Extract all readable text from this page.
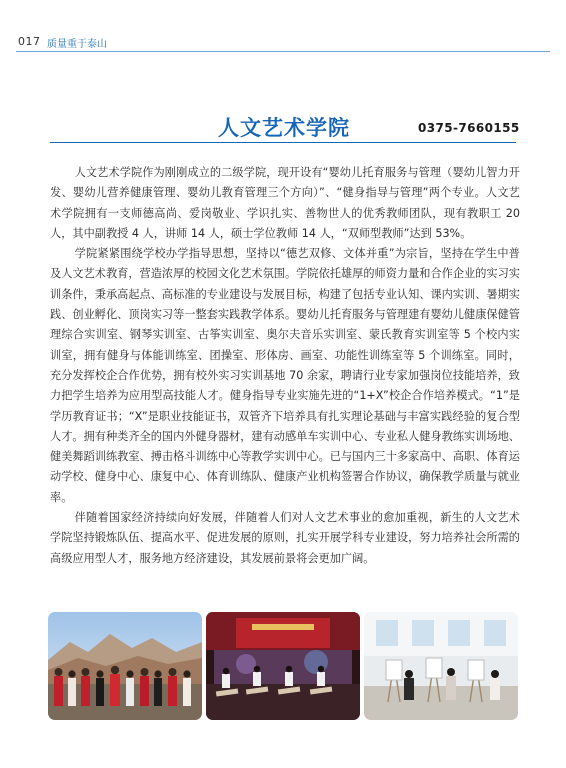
017 质量重于泰山
人文艺术学院	0375-7660155

人文艺术学院作为刚刚成立的二级学院，现开设有“婴幼儿托育服务与管理（婴幼儿智力开发、婴幼儿营养健康管理、婴幼儿教育管理三个方向）”、“健身指导与管理”两个专业。人文艺术学院拥有一支师德高尚、爱岗敬业、学识扎实、善物世人的优秀教师团队，现有教职工 20 人，其中副教授 4 人，讲师 14 人，硕士学位教师 14 人，“双师型教师”达到 53%。

学院紧紧围绕学校办学指导思想，坚持以“德艺双修、文体并重”为宗旨，坚持在学生中普及人文艺术教育，营造浓厚的校园文化艺术氛围。学院依托雄厚的师资力量和合作企业的实习实训条件，秉承高起点、高标准的专业建设与发展目标，构建了包括专业认知、课内实训、暑期实践、创业孵化、顶岗实习等一整套实践教学体系。婴幼儿托育服务与管理建有婴幼儿健康保健管理综合实训室、钢琴实训室、古筝实训室、奥尔夫音乐实训室、蒙氏教育实训室等 5 个校内实训室，拥有健身与体能训练室、团操室、形体房、画室、功能性训练室等 5 个训练室。同时，充分发挥校企合作优势，拥有校外实习实训基地 70 余家，聘请行业专家加强岗位技能培养，致力把学生培养为应用型高技能人才。健身指导专业实施先进的“1+X”校企合作培养模式。“1”是学历教育证书；“X”是职业技能证书，双管齐下培养具有扎实理论基础与丰富实践经验的复合型人才。拥有种类齐全的国内外健身器材，建有动感单车实训中心、专业私人健身教练实训场地、健美舞蹈训练教室、搏击格斗训练中心等教学实训中心。已与国内三十多家高中、高职、体育运动学校、健身中心、康复中心、体育训练队、健康产业机构签署合作协议，确保教学质量与就业率。

伴随着国家经济持续向好发展，伴随着人们对人文艺术事业的愈加重视，新生的人文艺术学院坚持锻炼队伍、提高水平、促进发展的原则，扎实开展学科专业建设，努力培养社会所需的高级应用型人才，服务地方经济建设，其发展前景将会更加广阔。
